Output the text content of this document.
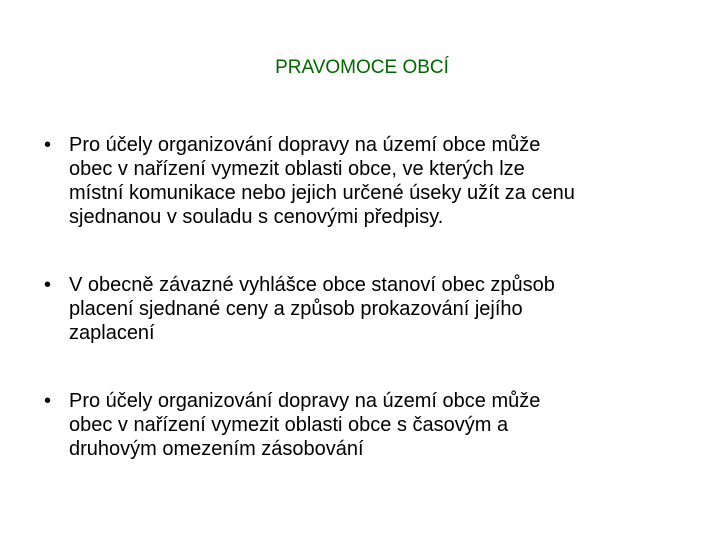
PRAVOMOCE OBCÍ
• Pro účely organizování dopravy na území obce může
obec v nařízení vymezit oblasti obce, ve kterých lze
místní komunikace nebo jejich určené úseky užít za cenu
sjednanou v souladu s cenovými předpisy.
• V obecně závazné vyhlášce obce stanoví obec způsob
placení sjednané ceny a způsob prokazování jejího
zaplacení
• Pro účely organizování dopravy na území obce může
obec v nařízení vymezit oblasti obce s časovým a
druhovým omezením zásobování
